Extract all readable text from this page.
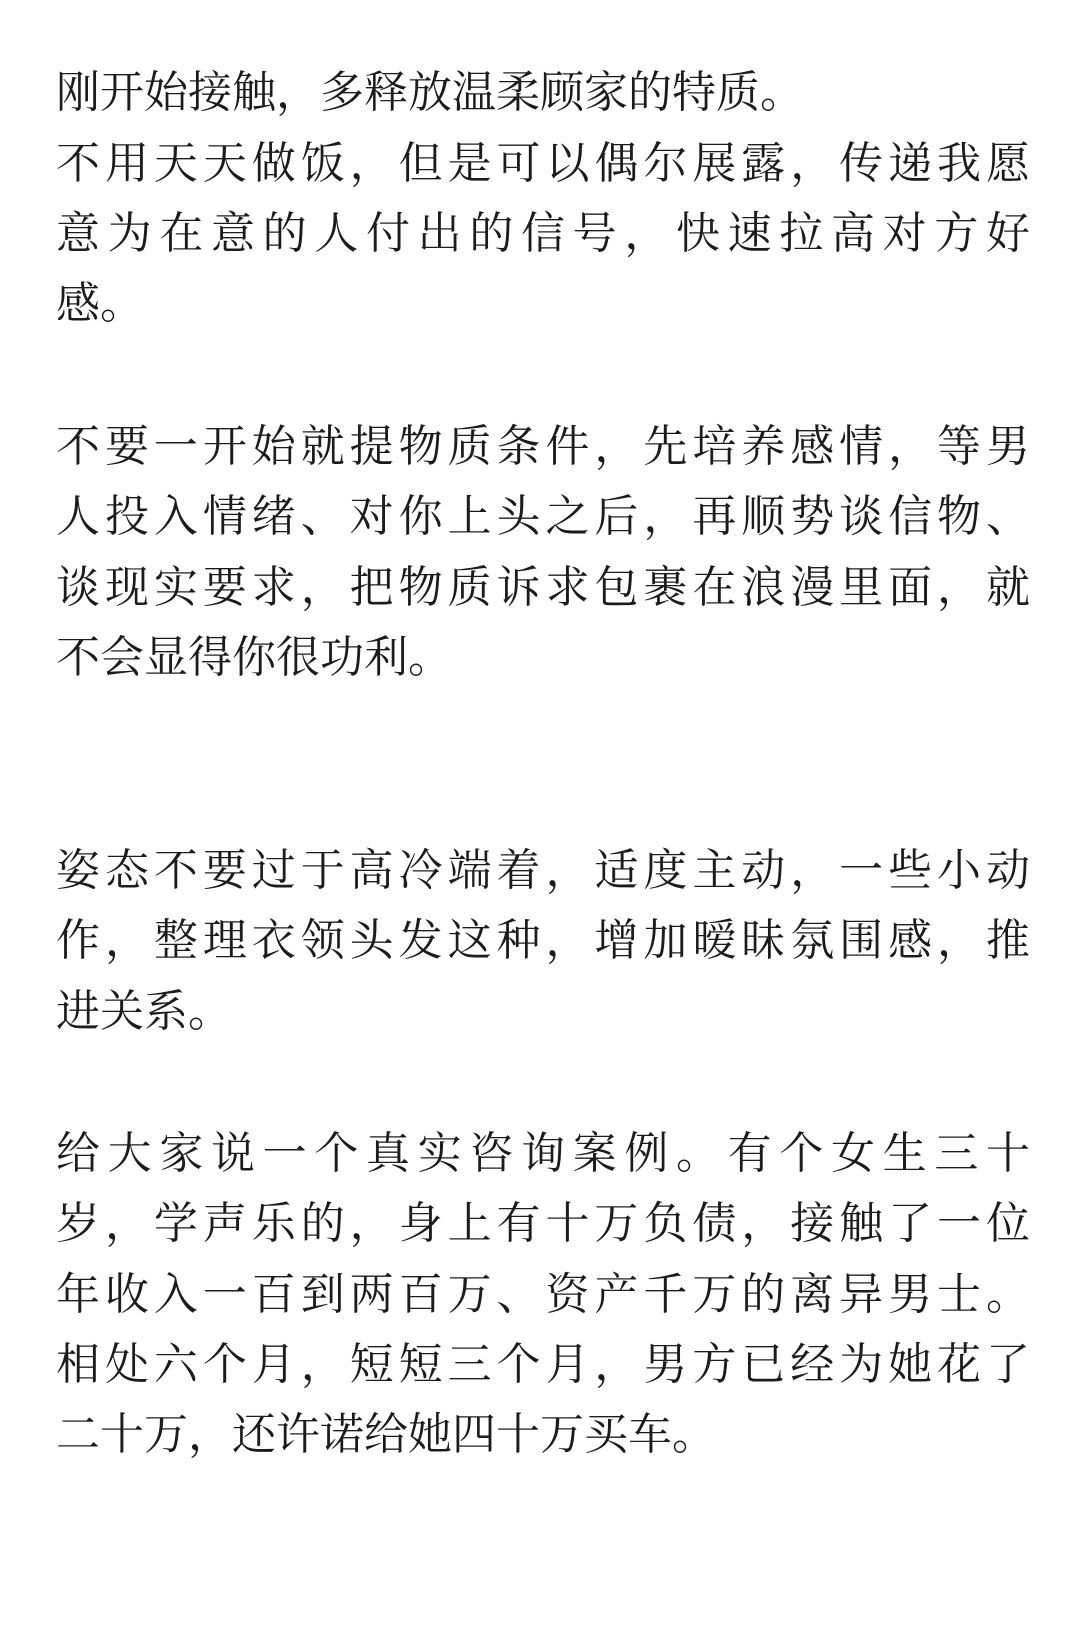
刚开始接触，多释放温柔顾家的特质。
不用天天做饭，但是可以偶尔展露，传递我愿
意为在意的人付出的信号，快速拉高对方好
感。
不要一开始就提物质条件，先培养感情，等男
人投入情绪、对你上头之后，再顺势谈信物、
谈现实要求，把物质诉求包裹在浪漫里面，就
不会显得你很功利。
姿态不要过于高冷端着，适度主动，一些小动
作，整理衣领头发这种，增加暧昧氛围感，推
进关系。
给大家说一个真实咨询案例。有个女生三十
岁，学声乐的，身上有十万负债，接触了一位
年收入一百到两百万、资产千万的离异男士。
相处六个月，短短三个月，男方已经为她花了
二十万，还许诺给她四十万买车。
